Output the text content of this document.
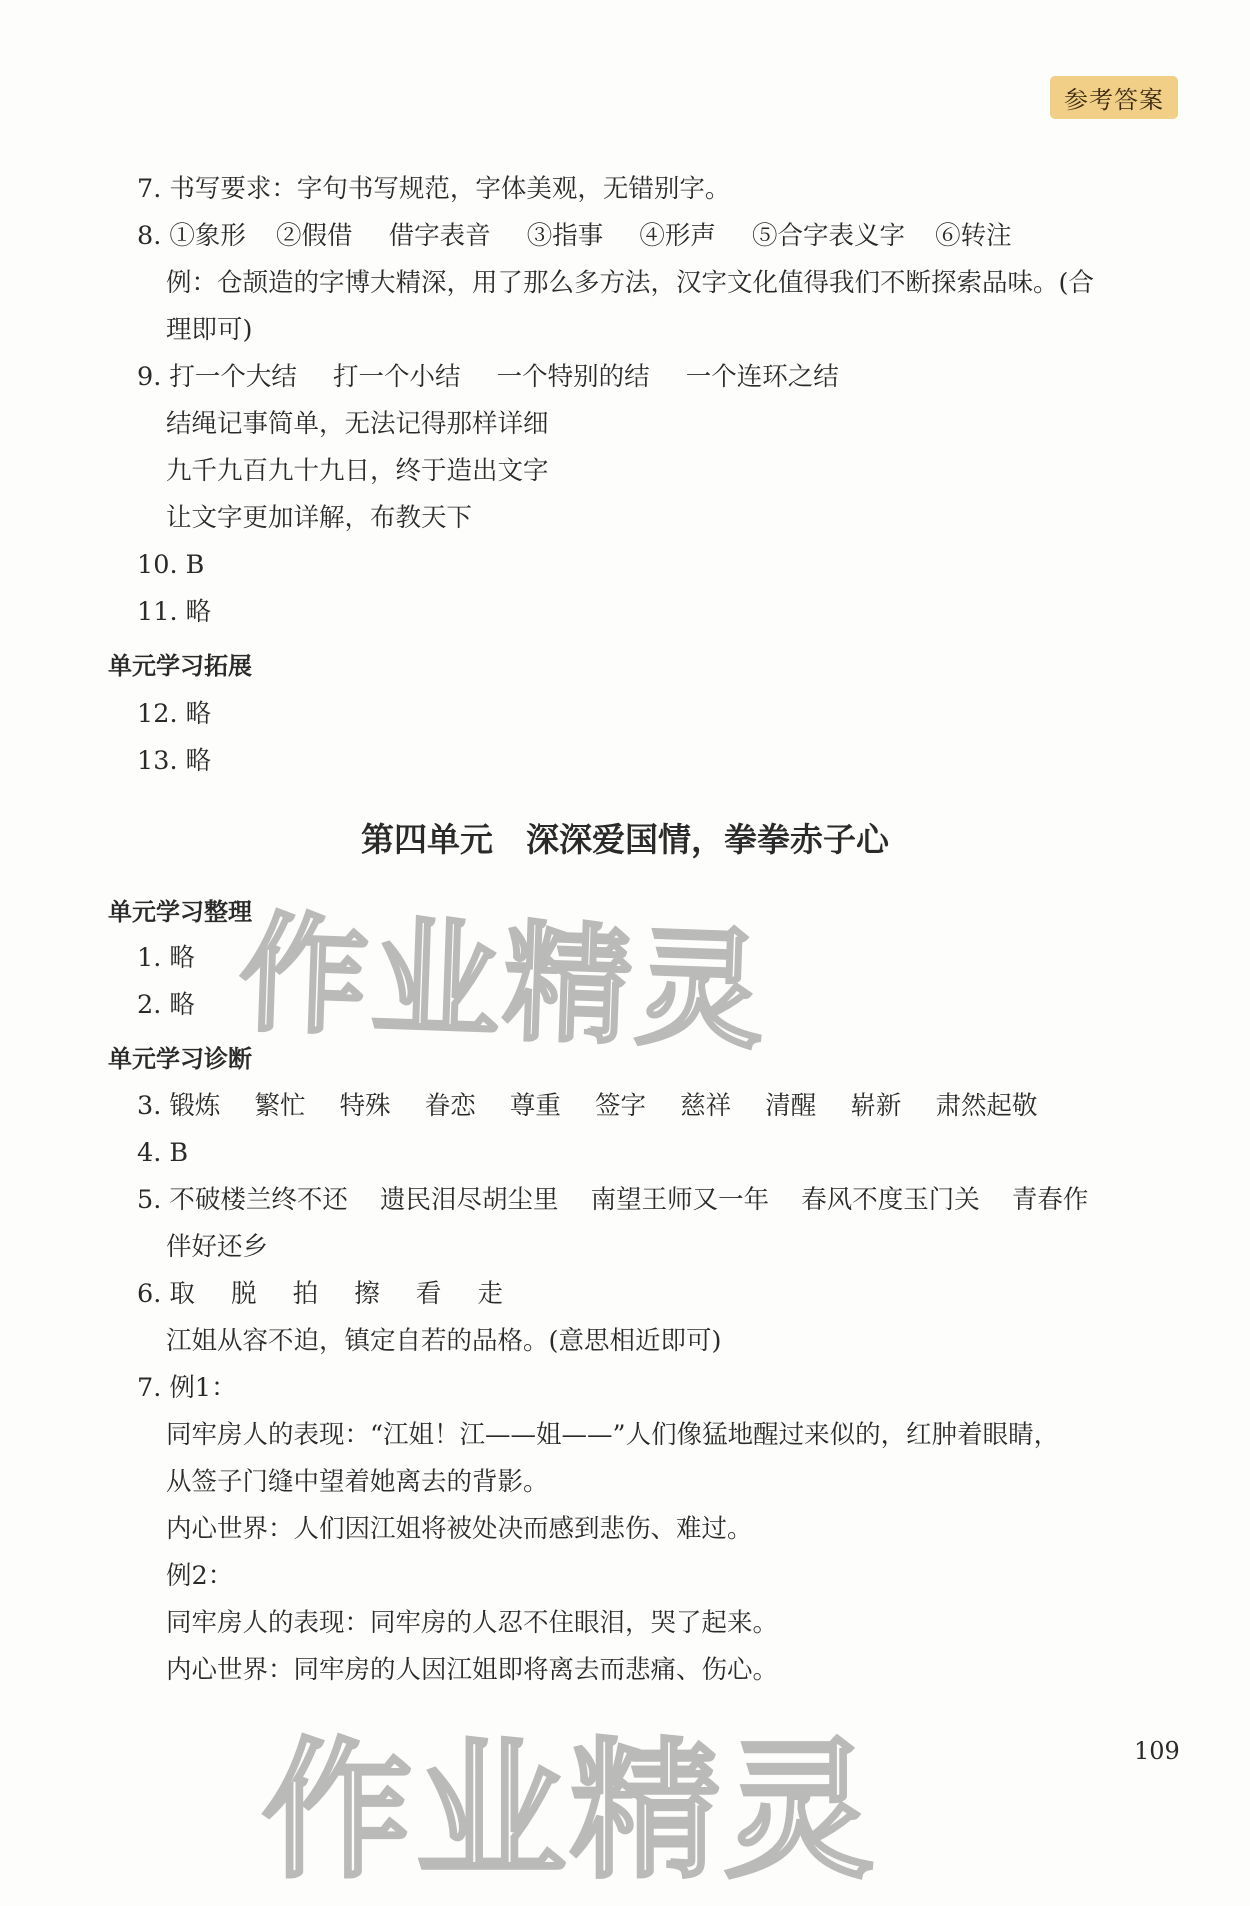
参考答案
7. 书写要求：字句书写规范，字体美观，无错别字。
8. ①象形 ②假借 借字表音 ③指事 ④形声 ⑤合字表义字 ⑥转注
例：仓颉造的字博大精深，用了那么多方法，汉字文化值得我们不断探索品味。(合
理即可)
9. 打一个大结 打一个小结 一个特别的结 一个连环之结
结绳记事简单，无法记得那样详细
九千九百九十九日，终于造出文字
让文字更加详解，布教天下
10. B
11. 略
单元学习拓展
12. 略
13. 略
第四单元　深深爱国情，拳拳赤子心
单元学习整理
1. 略
2. 略
单元学习诊断
3. 锻炼 繁忙 特殊 眷恋 尊重 签字 慈祥 清醒 崭新 肃然起敬
4. B
5. 不破楼兰终不还 遗民泪尽胡尘里 南望王师又一年 春风不度玉门关 青春作
伴好还乡
6. 取 脱 拍 擦 看 走
江姐从容不迫，镇定自若的品格。(意思相近即可)
7. 例1：
同牢房人的表现：“江姐！江——姐——”人们像猛地醒过来似的，红肿着眼睛，
从签子门缝中望着她离去的背影。
内心世界：人们因江姐将被处决而感到悲伤、难过。
例2：
同牢房人的表现：同牢房的人忍不住眼泪，哭了起来。
内心世界：同牢房的人因江姐即将离去而悲痛、伤心。
109
作业精灵
作业精灵
